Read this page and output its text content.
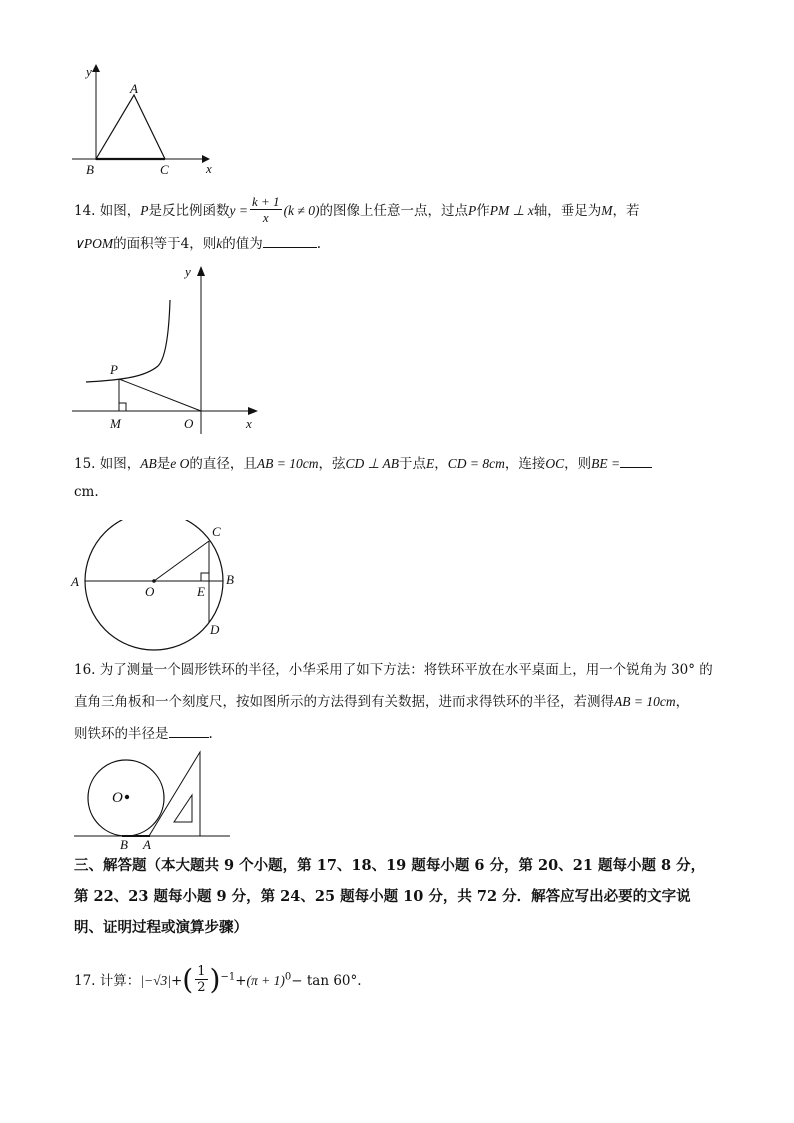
y
A
B	C	x
14. 如图，P是反比例函数$y = \frac{k + 1}{x} (k \ne 0)$的图像上任意一点，过点P作PM ⊥ x轴，垂足为M，若
∨POM的面积等于4，则k的值为	.
y
P
M	O	x
15. 如图，AB是e O的直径，且AB = 10cm，弦CD ⊥ AB于点E，CD = 8cm，连接OC，则BE =
cm.
A
O	E
B
C
D
16. 为了测量一个圆形铁环的半径，小华采用了如下方法：将铁环平放在水平桌面上，用一个锐角为 30° 的
直角三角板和一个刻度尺，按如图所示的方法得到有关数据，进而求得铁环的半径，若测得AB = 10cm，
则铁环的半径是	.
O
B A
三、解答题（本大题共 9 个小题，第 17、18、19 题每小题 6 分，第 20、21 题每小题 8 分，
第 22、23 题每小题 9 分，第 24、25 题每小题 10 分，共 72 分．解答应写出必要的文字说
明、证明过程或演算步骤）
17. 计算：$|-√3|+( \frac{1}{2} )^{-1}+(\pi + 1)^0- \tan 60^\circ$.
